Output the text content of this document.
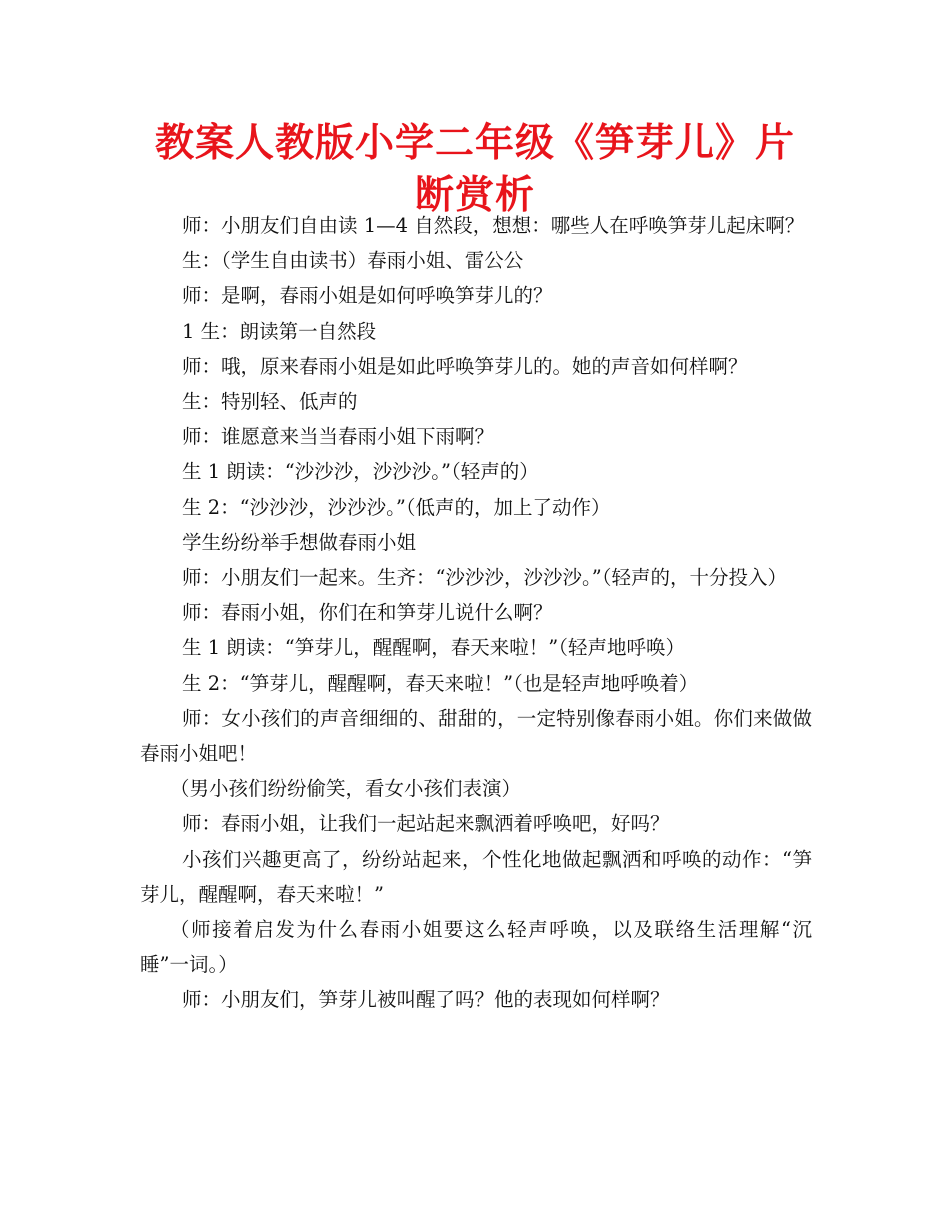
教案人教版小学二年级《笋芽儿》片断赏析

师：小朋友们自由读 1—4 自然段，想想：哪些人在呼唤笋芽儿起床啊？

生：（学生自由读书）春雨小姐、雷公公

师：是啊，春雨小姐是如何呼唤笋芽儿的？

1 生：朗读第一自然段

师：哦，原来春雨小姐是如此呼唤笋芽儿的。她的声音如何样啊？

生：特别轻、低声的

师：谁愿意来当当春雨小姐下雨啊？

生 1 朗读：“沙沙沙，沙沙沙。”（轻声的）

生 2：“沙沙沙，沙沙沙。”（低声的，加上了动作）

学生纷纷举手想做春雨小姐

师：小朋友们一起来。生齐：“沙沙沙，沙沙沙。”（轻声的，十分投入）

师：春雨小姐，你们在和笋芽儿说什么啊？

生 1 朗读：“笋芽儿，醒醒啊，春天来啦！”（轻声地呼唤）

生 2：“笋芽儿，醒醒啊，春天来啦！”（也是轻声地呼唤着）

师：女小孩们的声音细细的、甜甜的，一定特别像春雨小姐。你们来做做春雨小姐吧！

（男小孩们纷纷偷笑，看女小孩们表演）

师：春雨小姐，让我们一起站起来飘洒着呼唤吧，好吗？

小孩们兴趣更高了，纷纷站起来，个性化地做起飘洒和呼唤的动作：“笋芽儿，醒醒啊，春天来啦！”

（师接着启发为什么春雨小姐要这么轻声呼唤，以及联络生活理解“沉睡”一词。）

师：小朋友们，笋芽儿被叫醒了吗？他的表现如何样啊？
